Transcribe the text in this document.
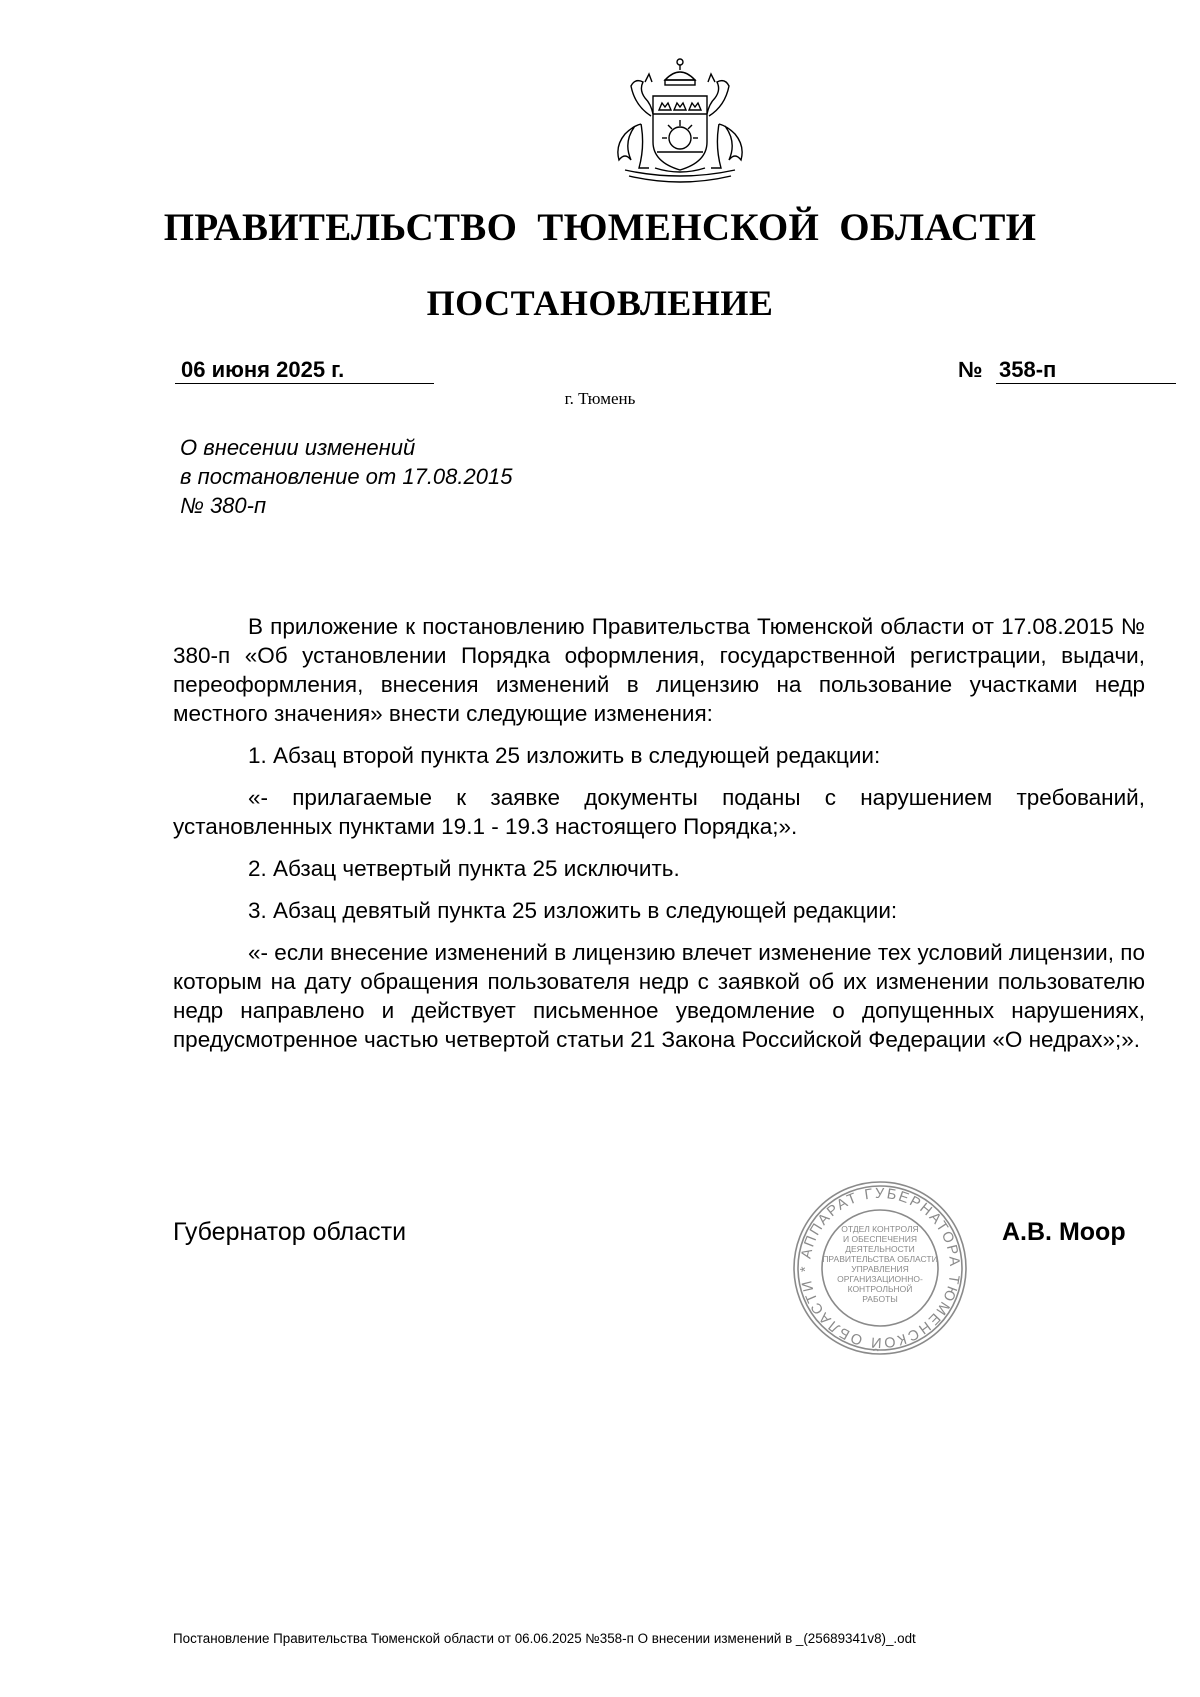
ПРАВИТЕЛЬСТВО ТЮМЕНСКОЙ ОБЛАСТИ
ПОСТАНОВЛЕНИЕ
06 июня 2025 г.	№ 358-п
г. Тюмень
О внесении изменений
в постановление от 17.08.2015
№ 380-п

В приложение к постановлению Правительства Тюменской области от 17.08.2015 № 380-п «Об установлении Порядка оформления, государственной регистрации, выдачи, переоформления, внесения изменений в лицензию на пользование участками недр местного значения» внести следующие изменения:

1. Абзац второй пункта 25 изложить в следующей редакции:

«- прилагаемые к заявке документы поданы с нарушением требований, установленных пунктами 19.1 - 19.3 настоящего Порядка;».

2. Абзац четвертый пункта 25 исключить.

3. Абзац девятый пункта 25 изложить в следующей редакции:

«- если внесение изменений в лицензию влечет изменение тех условий лицензии, по которым на дату обращения пользователя недр с заявкой об их изменении пользователю недр направлено и действует письменное уведомление о допущенных нарушениях, предусмотренное частью четвертой статьи 21 Закона Российской Федерации «О недрах»;».

Губернатор области
АППАРАТ ГУБЕРНАТОРА ТЮМЕНСКОЙ ОБЛАСТИ *
ОТДЕЛ КОНТРОЛЯ
И ОБЕСПЕЧЕНИЯ
ДЕЯТЕЛЬНОСТИ
ПРАВИТЕЛЬСТВА ОБЛАСТИ
УПРАВЛЕНИЯ
ОРГАНИЗАЦИОННО-
КОНТРОЛЬНОЙ
РАБОТЫ
А.В. Моор
Постановление Правительства Тюменской области от 06.06.2025 №358-п О внесении изменений в _(25689341v8)_.odt
